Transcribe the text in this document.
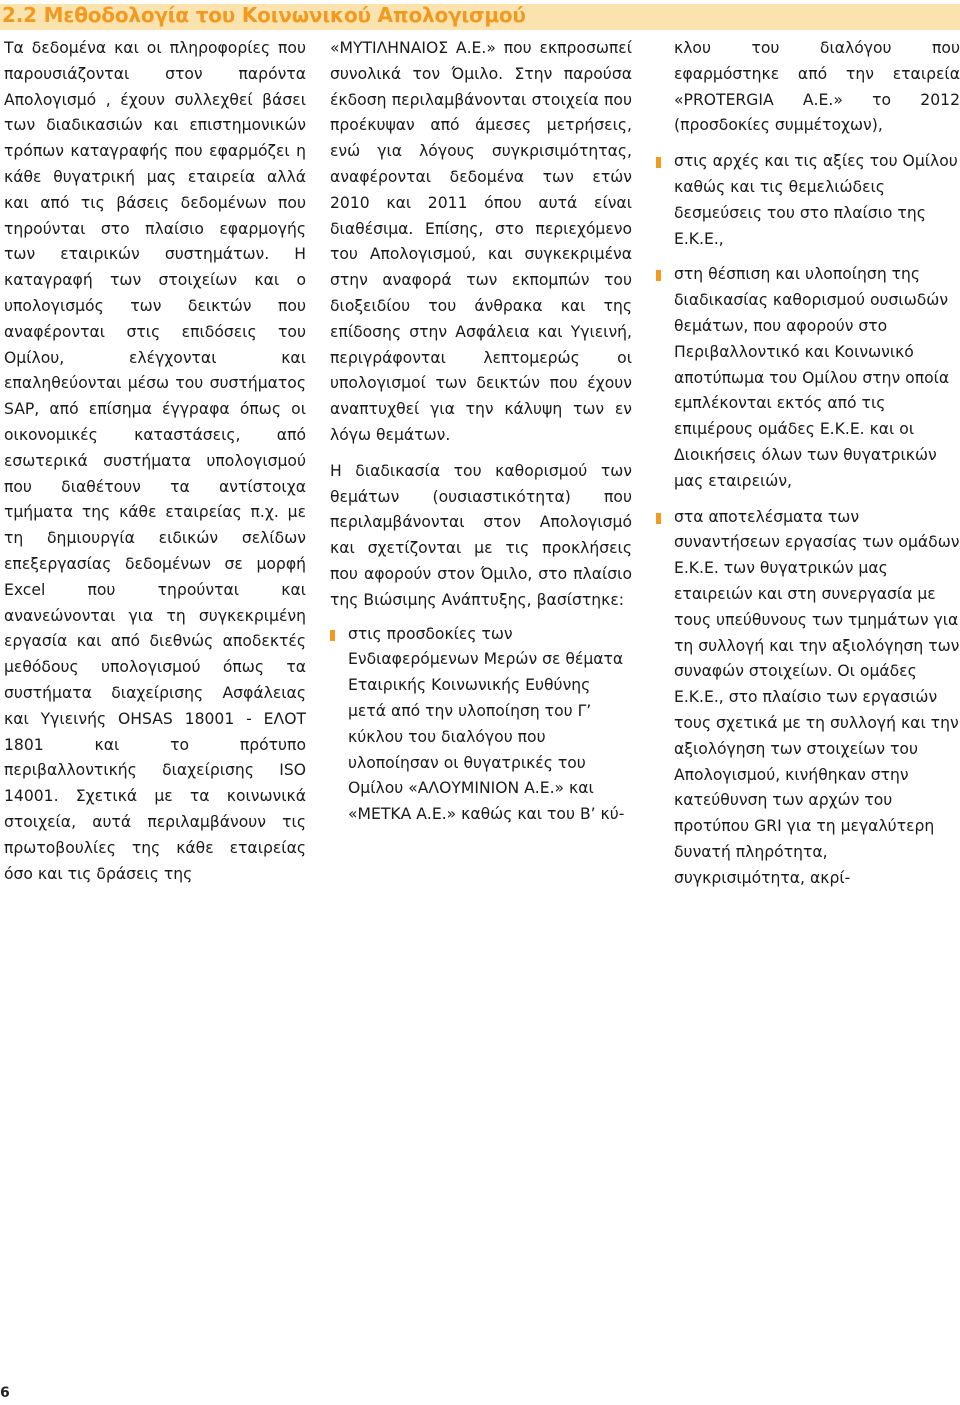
2.2 Μεθοδολογία του Κοινωνικού Απολογισμού

Τα δεδομένα και οι πληροφορίες που παρουσιάζονται στον παρόντα Απολογισμό , έχουν συλλεχθεί βάσει των διαδικασιών και επιστημονικών τρόπων καταγραφής που εφαρμόζει η κάθε θυγατρική μας εταιρεία αλλά και από τις βάσεις δεδομένων που τηρούνται στο πλαίσιο εφαρμογής των εταιρικών συστημάτων. Η καταγραφή των στοιχείων και ο υπολογισμός των δεικτών που αναφέρονται στις επιδόσεις του Ομίλου, ελέγχονται και επαληθεύονται μέσω του συστήματος SAP, από επίσημα έγγραφα όπως οι οικονομικές καταστάσεις, από εσωτερικά συστήματα υπολογισμού που διαθέτουν τα αντίστοιχα τμήματα της κάθε εταιρείας π.χ. με τη δημιουργία ειδικών σελίδων επεξεργασίας δεδομένων σε μορφή Excel που τηρούνται και ανανεώνονται για τη συγκεκριμένη εργασία και από διεθνώς αποδεκτές μεθόδους υπολογισμού όπως τα συστήματα διαχείρισης Ασφάλειας και Υγιεινής OHSAS 18001 - ΕΛΟΤ 1801 και το πρότυπο περιβαλλοντικής διαχείρισης ISO 14001. Σχετικά με τα κοινωνικά στοιχεία, αυτά περιλαμβάνουν τις πρωτοβουλίες της κάθε εταιρείας όσο και τις δράσεις της

«ΜΥΤΙΛΗΝΑΙΟΣ Α.Ε.» που εκπροσωπεί συνολικά τον Όμιλο. Στην παρούσα έκδοση περιλαμβάνονται στοιχεία που προέκυψαν από άμεσες μετρήσεις, ενώ για λόγους συγκρισιμότητας, αναφέρονται δεδομένα των ετών 2010 και 2011 όπου αυτά είναι διαθέσιμα. Επίσης, στο περιεχόμενο του Απολογισμού, και συγκεκριμένα στην αναφορά των εκπομπών του διοξειδίου του άνθρακα και της επίδοσης στην Ασφάλεια και Υγιεινή, περιγράφονται λεπτομερώς οι υπολογισμοί των δεικτών που έχουν αναπτυχθεί για την κάλυψη των εν λόγω θεμάτων.

Η διαδικασία του καθορισμού των θεμάτων (ουσιαστικότητα) που περιλαμβάνονται στον Απολογισμό και σχετίζονται με τις προκλήσεις που αφορούν στον Όμιλο, στο πλαίσιο της Βιώσιμης Ανάπτυξης, βασίστηκε:

στις προσδοκίες των Ενδιαφερόμενων Μερών σε θέματα Εταιρικής Κοινωνικής Ευθύνης μετά από την υλοποίηση του Γ’ κύκλου του διαλόγου που υλοποίησαν οι θυγατρικές του Ομίλου «ΑΛΟΥΜΙΝΙΟΝ Α.Ε.» και «ΜΕΤΚΑ Α.Ε.» καθώς και του Β’ κύ-

κλου του διαλόγου που εφαρμόστηκε από την εταιρεία «PROTERGIA Α.Ε.» το 2012 (προσδοκίες συμμέτοχων),

στις αρχές και τις αξίες του Ομίλου καθώς και τις θεμελιώδεις δεσμεύσεις του στο πλαίσιο της Ε.Κ.Ε.,
στη θέσπιση και υλοποίηση της διαδικασίας καθορισμού ουσιωδών θεμάτων, που αφορούν στο Περιβαλλοντικό και Κοινωνικό αποτύπωμα του Ομίλου στην οποία εμπλέκονται εκτός από τις επιμέρους ομάδες Ε.Κ.Ε. και οι Διοικήσεις όλων των θυγατρικών μας εταιρειών,
στα αποτελέσματα των συναντήσεων εργασίας των ομάδων Ε.Κ.Ε. των θυγατρικών μας εταιρειών και στη συνεργασία με τους υπεύθυνους των τμημάτων για τη συλλογή και την αξιολόγηση των συναφών στοιχείων. Οι ομάδες Ε.Κ.Ε., στο πλαίσιο των εργασιών τους σχετικά με τη συλλογή και την αξιολόγηση των στοιχείων του Απολογισμού, κινήθηκαν στην κατεύθυνση των αρχών του προτύπου GRI για τη μεγαλύτερη δυνατή πληρότητα, συγκρισιμότητα, ακρί-
6
